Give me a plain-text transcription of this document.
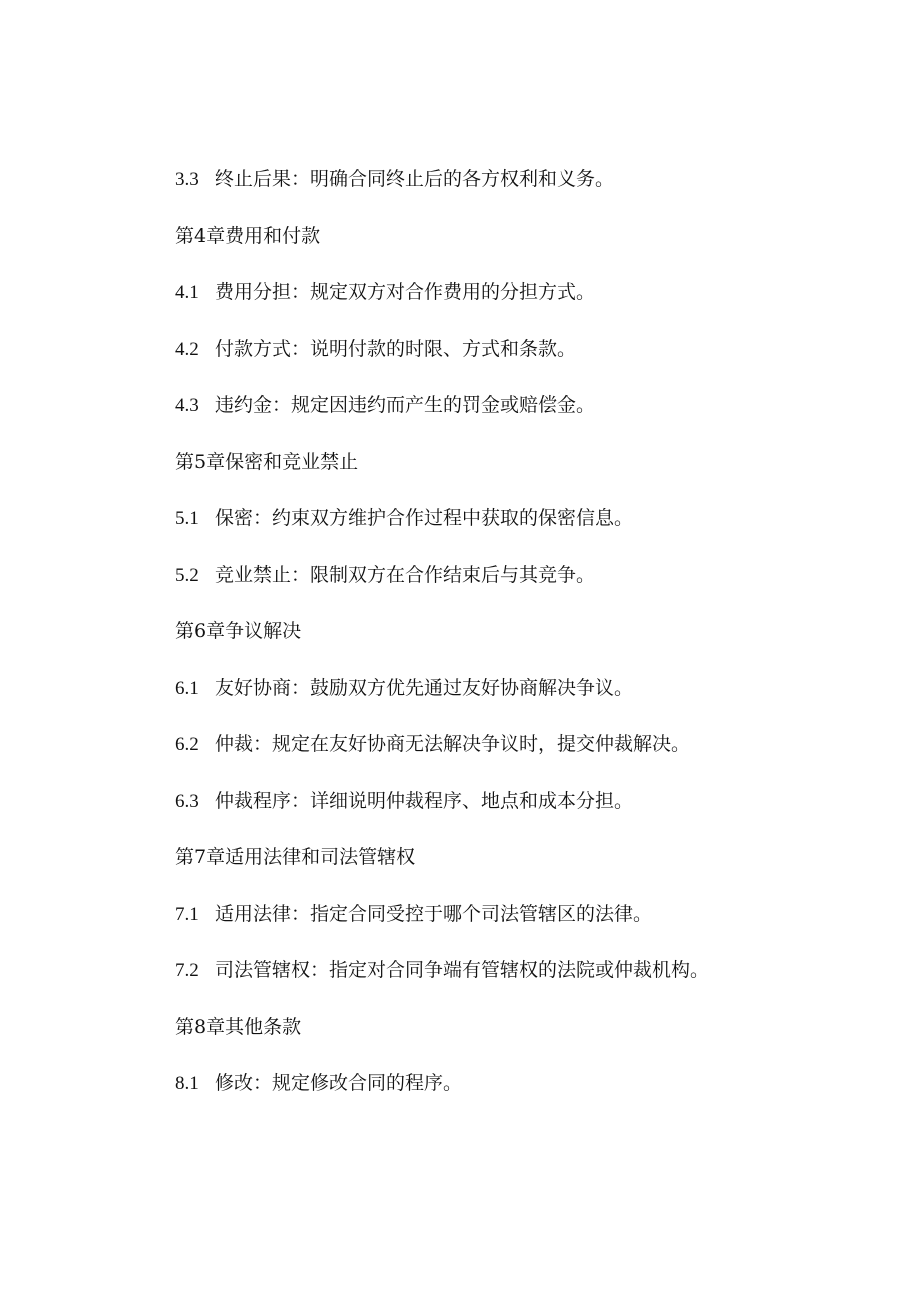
3.3 终止后果：明确合同终止后的各方权利和义务。
第4章费用和付款
4.1 费用分担：规定双方对合作费用的分担方式。
4.2 付款方式：说明付款的时限、方式和条款。
4.3 违约金：规定因违约而产生的罚金或赔偿金。
第5章保密和竞业禁止
5.1 保密：约束双方维护合作过程中获取的保密信息。
5.2 竞业禁止：限制双方在合作结束后与其竞争。
第6章争议解决
6.1 友好协商：鼓励双方优先通过友好协商解决争议。
6.2 仲裁：规定在友好协商无法解决争议时，提交仲裁解决。
6.3 仲裁程序：详细说明仲裁程序、地点和成本分担。
第7章适用法律和司法管辖权
7.1 适用法律：指定合同受控于哪个司法管辖区的法律。
7.2 司法管辖权：指定对合同争端有管辖权的法院或仲裁机构。
第8章其他条款
8.1 修改：规定修改合同的程序。
